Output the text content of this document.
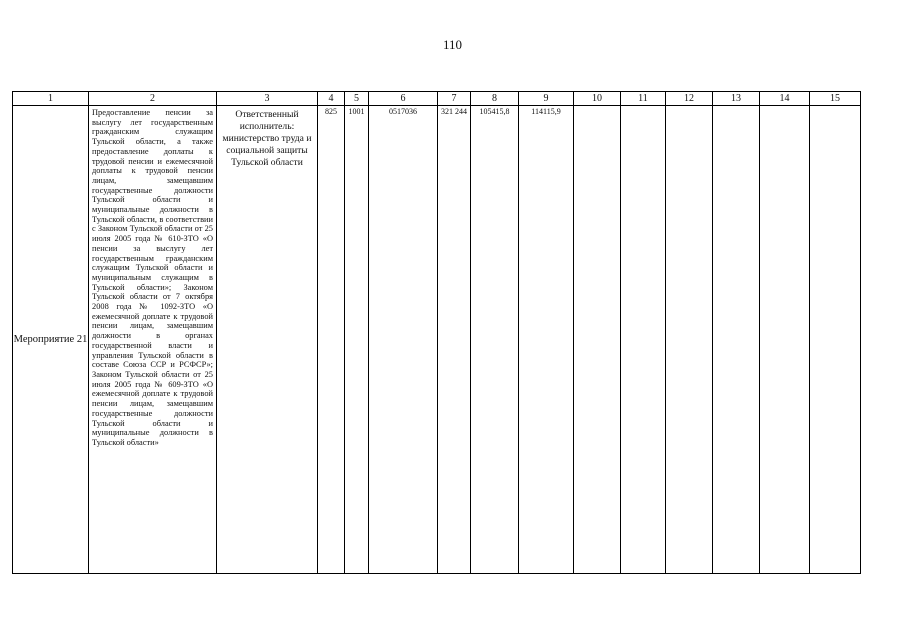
110
1	2	3	4	5	6	7	8	9	10	11	12	13	14	15
Мероприятие 21	Предоставление пенсии за выслугу лет государственным гражданским служащим Тульской области, а также предоставление доплаты к трудовой пенсии и ежемесячной доплаты к трудовой пенсии лицам, замещавшим государственные должности Тульской области и муниципальные должности в Тульской области, в соответствии с Законом Тульской области от 25 июля 2005 года № 610-ЗТО «О пенсии за выслугу лет государственным гражданским служащим Тульской области и муниципальным служащим в Тульской области»; Законом Тульской области от 7 октября 2008 года № 1092-ЗТО «О ежемесячной доплате к трудовой пенсии лицам, замещавшим должности в органах государственной власти и управления Тульской области в составе Союза ССР и РСФСР»; Законом Тульской области от 25 июля 2005 года № 609-ЗТО «О ежемесячной доплате к трудовой пенсии лицам, замещавшим государственные должности Тульской области и муниципальные должности в Тульской области»	Ответственный исполнитель: министерство труда и социальной защиты Тульской области	825	1001	0517036	321 244	105415,8	114115,9						
